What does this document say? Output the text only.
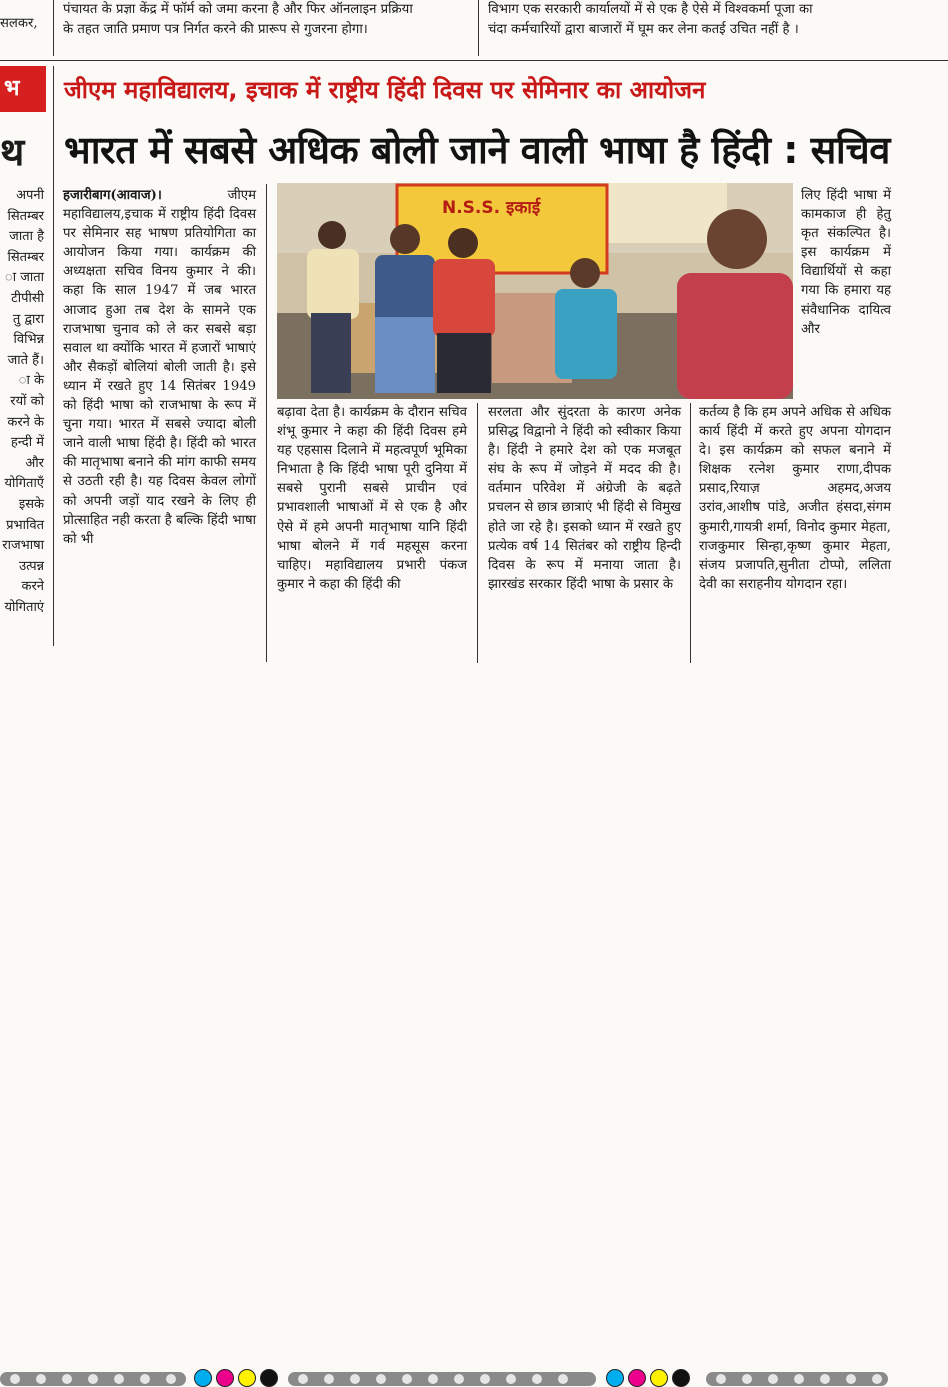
सलकर,
पंचायत के प्रज्ञा केंद्र में फॉर्म को जमा करना है और फिर ऑनलाइन प्रक्रिया
के तहत जाति प्रमाण पत्र निर्गत करने की प्रारूप से गुजरना होगा।
विभाग एक सरकारी कार्यालयों में से एक है ऐसे में विश्वकर्मा पूजा का
चंदा कर्मचारियों द्वारा बाजारों में घूम कर लेना कतई उचित नहीं है ।
भ
थ
अपनी
सितम्बर
जाता है
सितम्बर
ा जाता
टीपीसी
तु द्वारा
विभिन्न
जाते हैं।
ा के
रयों को
करने के
हन्दी में
और
योगिताएँ
इसके
प्रभावित
राजभाषा
उत्पन्न
करने
योगिताएं
जीएम महाविद्यालय, इचाक में राष्ट्रीय हिंदी दिवस पर सेमिनार का आयोजन
भारत में सबसे अधिक बोली जाने वाली भाषा है हिंदी : सचिव

हजारीबाग(आवाज)।	जीएम महाविद्यालय,इचाक में राष्ट्रीय हिंदी दिवस पर सेमिनार सह भाषण प्रतियोगिता का आयोजन किया गया। कार्यक्रम की अध्यक्षता सचिव विनय कुमार ने की। कहा कि साल 1947 में जब भारत आजाद हुआ तब देश के सामने एक राजभाषा चुनाव को ले कर सबसे बड़ा सवाल था क्योंकि भारत में हजारों भाषाएं और सैकड़ों बोलियां बोली जाती है। इसे ध्यान में रखते हुए 14 सितंबर 1949 को हिंदी भाषा को राजभाषा के रूप में चुना गया। भारत में सबसे ज्यादा बोली जाने वाली भाषा हिंदी है। हिंदी को भारत की मातृभाषा बनाने की मांग काफी समय से उठती रही है। यह दिवस केवल लोगों को अपनी जड़ों याद रखने के लिए ही प्रोत्साहित नही करता है बल्कि हिंदी भाषा को भी

N.S.S. इकाई

लिए हिंदी भाषा में कामकाज ही हेतु कृत संकल्पित है। इस कार्यक्रम में विद्यार्थियों से कहा गया कि हमारा यह संवैधानिक दायित्व और

बढ़ावा देता है। कार्यक्रम के दौरान सचिव शंभू कुमार ने कहा की हिंदी दिवस हमे यह एहसास दिलाने में महत्वपूर्ण भूमिका निभाता है कि हिंदी भाषा पूरी दुनिया में सबसे पुरानी सबसे प्राचीन एवं प्रभावशाली भाषाओं में से एक है और ऐसे में हमे अपनी मातृभाषा यानि हिंदी भाषा बोलने में गर्व महसूस करना चाहिए। महाविद्यालय प्रभारी पंकज कुमार ने कहा की हिंदी की

सरलता और सुंदरता के कारण अनेक प्रसिद्ध विद्वानो ने हिंदी को स्वीकार किया है। हिंदी ने हमारे देश को एक मजबूत संघ के रूप में जोड़ने में मदद की है। वर्तमान परिवेश में अंग्रेजी के बढ़ते प्रचलन से छात्र छात्राएं भी हिंदी से विमुख होते जा रहे है। इसको ध्यान में रखते हुए प्रत्येक वर्ष 14 सितंबर को राष्ट्रीय हिन्दी दिवस के रूप में मनाया जाता है। झारखंड सरकार हिंदी भाषा के प्रसार के

कर्तव्य है कि हम अपने अधिक से अधिक कार्य हिंदी में करते हुए अपना योगदान दे। इस कार्यक्रम को सफल बनाने में शिक्षक रत्नेश कुमार राणा,दीपक प्रसाद,रियाज़ अहमद,अजय उरांव,आशीष पांडे, अजीत हंसदा,संगम कुमारी,गायत्री शर्मा, विनोद कुमार मेहता, राजकुमार सिन्हा,कृष्ण कुमार मेहता, संजय प्रजापति,सुनीता टोप्पो, ललिता देवी का सराहनीय योगदान रहा।
